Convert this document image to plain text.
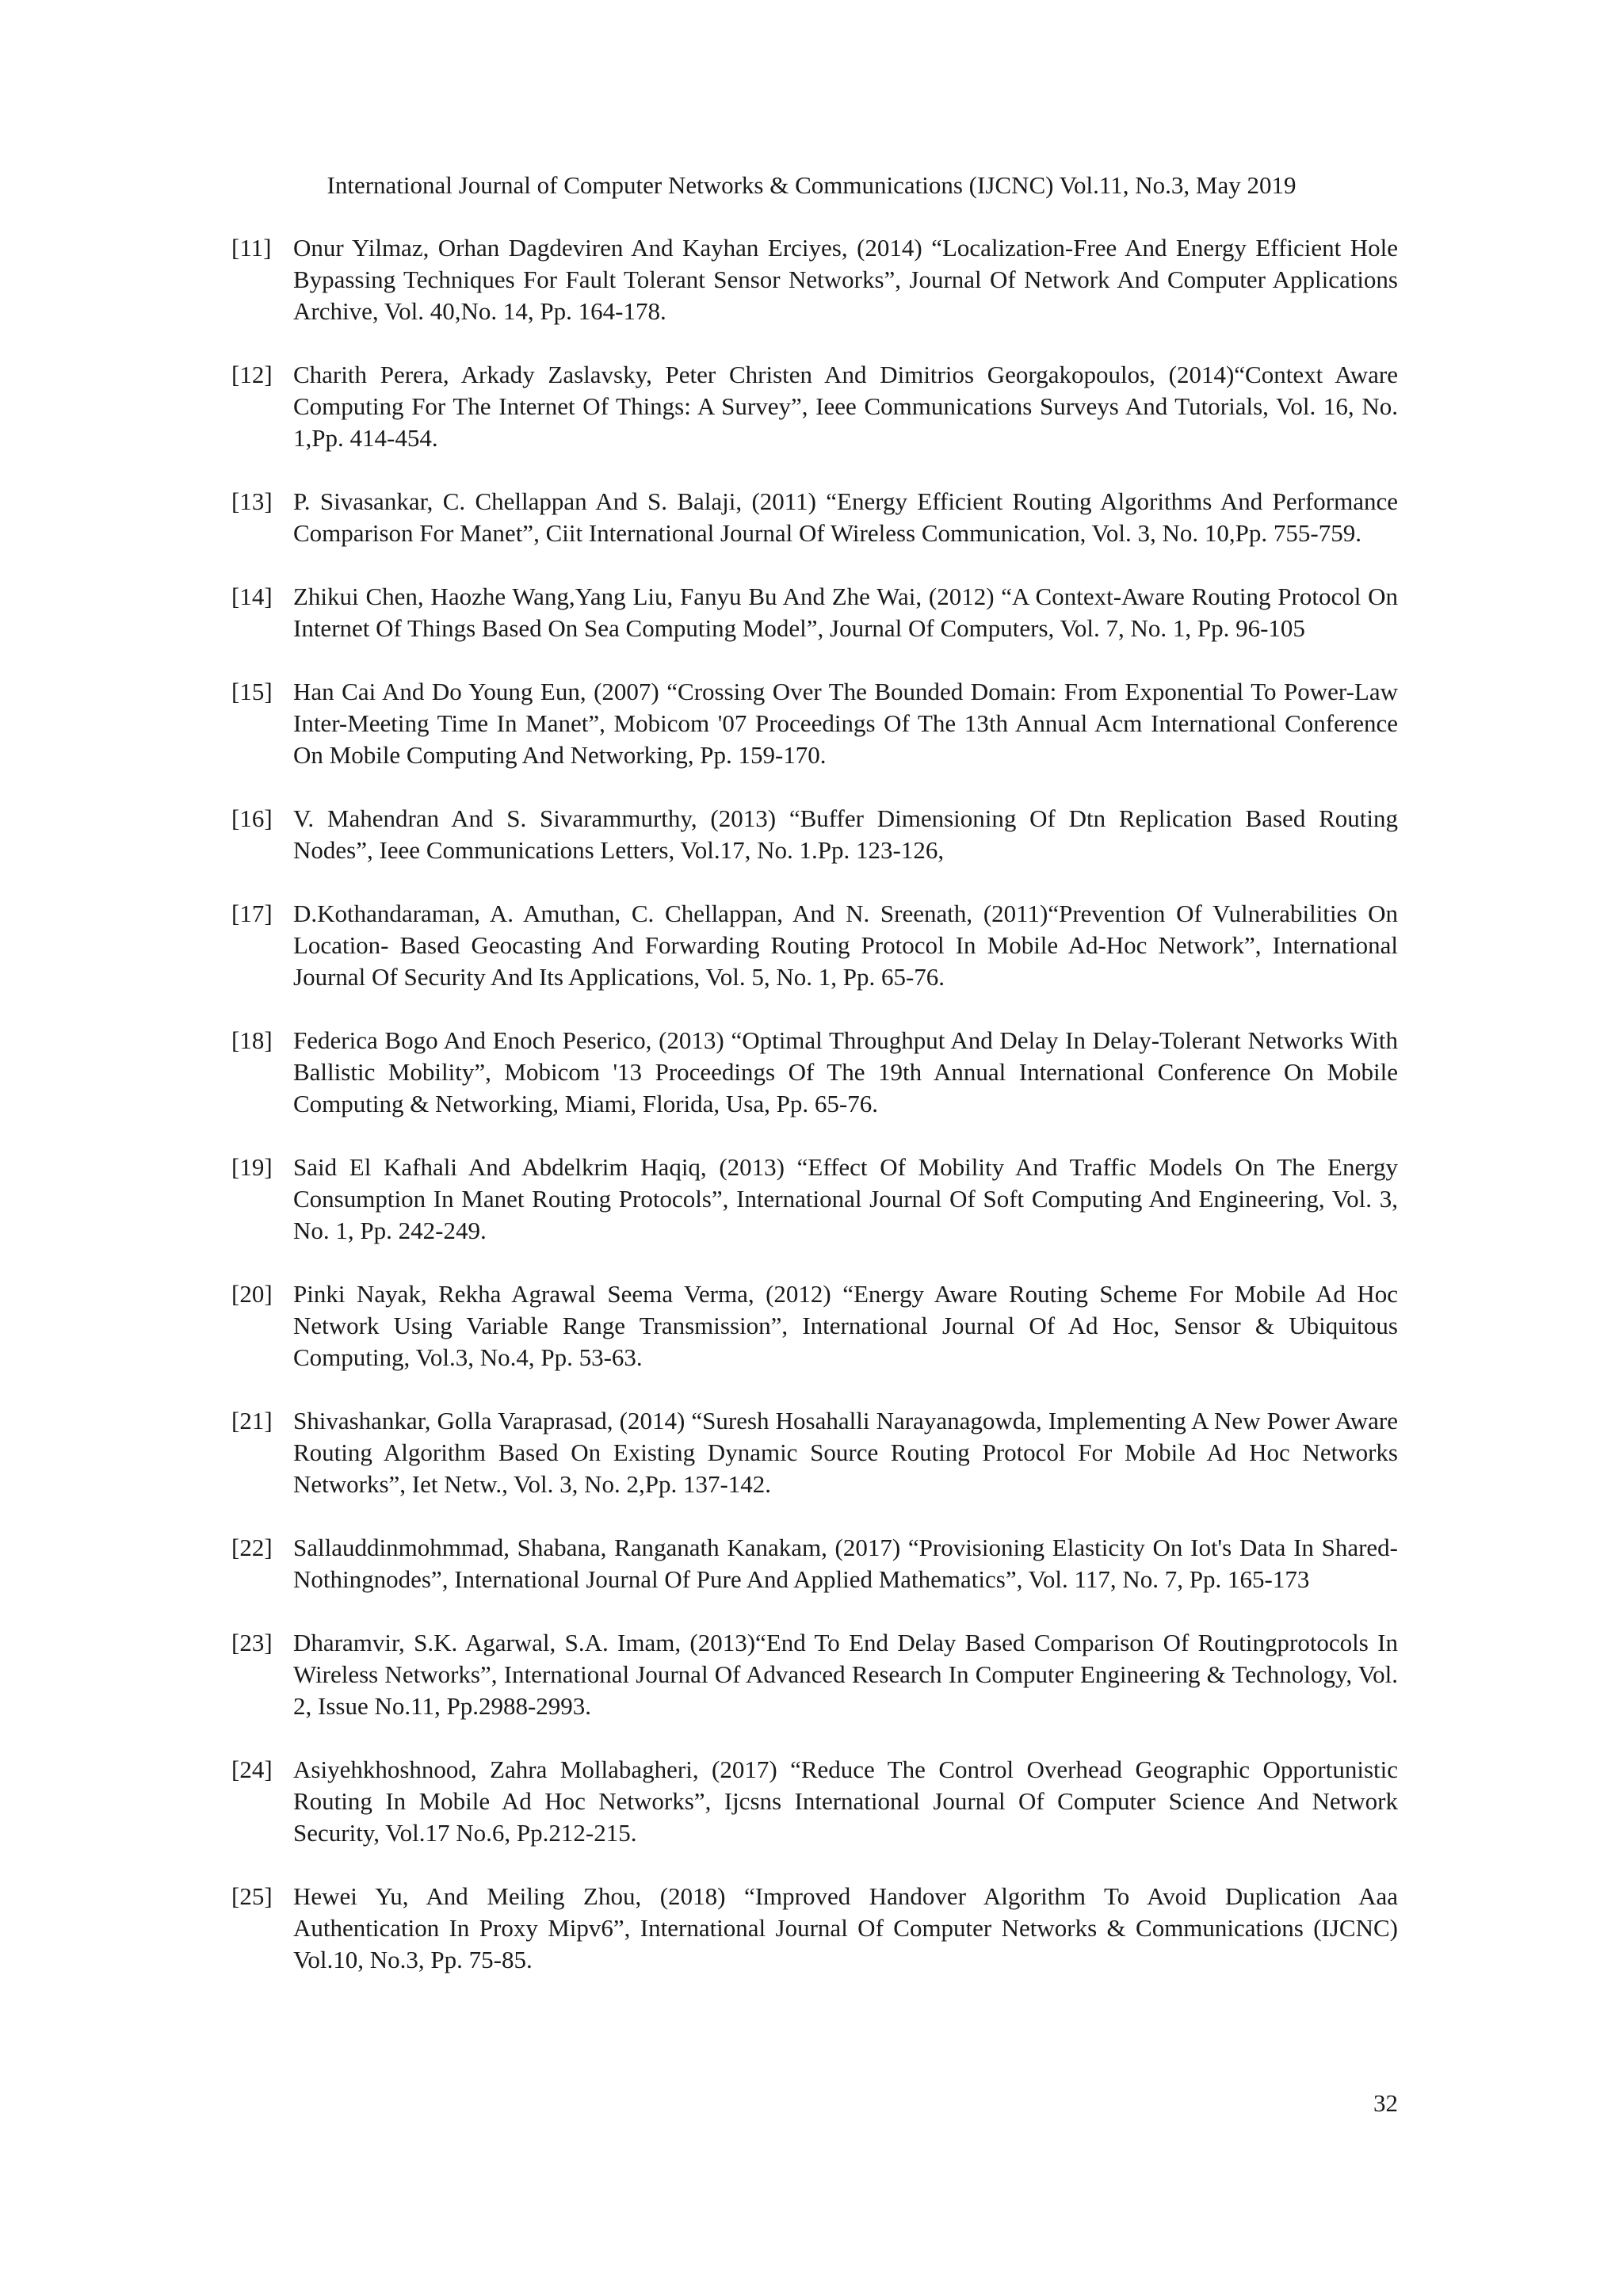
International Journal of Computer Networks & Communications (IJCNC) Vol.11, No.3, May 2019
[11] Onur Yilmaz, Orhan Dagdeviren And Kayhan Erciyes, (2014) “Localization-Free And Energy Efficient Hole Bypassing Techniques For Fault Tolerant Sensor Networks”, Journal Of Network And Computer Applications Archive, Vol. 40,No. 14, Pp. 164-178.
[12] Charith Perera, Arkady Zaslavsky, Peter Christen And Dimitrios Georgakopoulos, (2014)“Context Aware Computing For The Internet Of Things: A Survey”, Ieee Communications Surveys And Tutorials, Vol. 16, No. 1,Pp. 414-454.
[13] P. Sivasankar, C. Chellappan And S. Balaji, (2011) “Energy Efficient Routing Algorithms And Performance Comparison For Manet”, Ciit International Journal Of Wireless Communication, Vol. 3, No. 10,Pp. 755-759.
[14] Zhikui Chen, Haozhe Wang,Yang Liu, Fanyu Bu And Zhe Wai, (2012) “A Context-Aware Routing Protocol On Internet Of Things Based On Sea Computing Model”, Journal Of Computers, Vol. 7, No. 1, Pp. 96-105
[15] Han Cai And Do Young Eun, (2007) “Crossing Over The Bounded Domain: From Exponential To Power-Law Inter-Meeting Time In Manet”, Mobicom '07 Proceedings Of The 13th Annual Acm International Conference On Mobile Computing And Networking, Pp. 159-170.
[16] V. Mahendran And S. Sivarammurthy, (2013) “Buffer Dimensioning Of Dtn Replication Based Routing Nodes”, Ieee Communications Letters, Vol.17, No. 1.Pp. 123-126,
[17] D.Kothandaraman, A. Amuthan, C. Chellappan, And N. Sreenath, (2011)“Prevention Of Vulnerabilities On Location- Based Geocasting And Forwarding Routing Protocol In Mobile Ad-Hoc Network”, International Journal Of Security And Its Applications, Vol. 5, No. 1, Pp. 65-76.
[18] Federica Bogo And Enoch Peserico, (2013) “Optimal Throughput And Delay In Delay-Tolerant Networks With Ballistic Mobility”, Mobicom '13 Proceedings Of The 19th Annual International Conference On Mobile Computing & Networking, Miami, Florida, Usa, Pp. 65-76.
[19] Said El Kafhali And Abdelkrim Haqiq, (2013) “Effect Of Mobility And Traffic Models On The Energy Consumption In Manet Routing Protocols”, International Journal Of Soft Computing And Engineering, Vol. 3, No. 1, Pp. 242-249.
[20] Pinki Nayak, Rekha Agrawal Seema Verma, (2012) “Energy Aware Routing Scheme For Mobile Ad Hoc Network Using Variable Range Transmission”, International Journal Of Ad Hoc, Sensor & Ubiquitous Computing, Vol.3, No.4, Pp. 53-63.
[21] Shivashankar, Golla Varaprasad, (2014) “Suresh Hosahalli Narayanagowda, Implementing A New Power Aware Routing Algorithm Based On Existing Dynamic Source Routing Protocol For Mobile Ad Hoc Networks Networks”, Iet Netw., Vol. 3, No. 2,Pp. 137-142.
[22] Sallauddinmohmmad, Shabana, Ranganath Kanakam, (2017) “Provisioning Elasticity On Iot's Data In Shared-Nothingnodes”, International Journal Of Pure And Applied Mathematics”, Vol. 117, No. 7, Pp. 165-173
[23] Dharamvir, S.K. Agarwal, S.A. Imam, (2013)“End To End Delay Based Comparison Of Routingprotocols In Wireless Networks”, International Journal Of Advanced Research In Computer Engineering & Technology, Vol. 2, Issue No.11, Pp.2988-2993.
[24] Asiyehkhoshnood, Zahra Mollabagheri, (2017) “Reduce The Control Overhead Geographic Opportunistic Routing In Mobile Ad Hoc Networks”, Ijcsns International Journal Of Computer Science And Network Security, Vol.17 No.6, Pp.212-215.
[25] Hewei Yu, And Meiling Zhou, (2018) “Improved Handover Algorithm To Avoid Duplication Aaa Authentication In Proxy Mipv6”, International Journal Of Computer Networks & Communications (IJCNC) Vol.10, No.3, Pp. 75-85.
32
